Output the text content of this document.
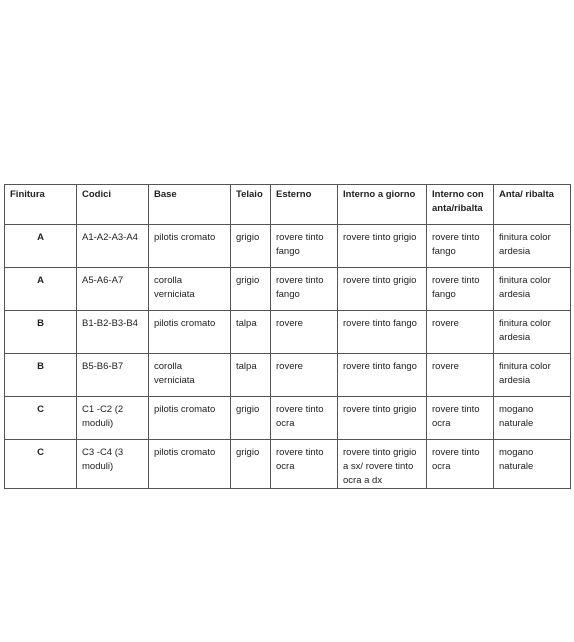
Finitura	Codici	Base	Telaio	Esterno	Interno a giorno	Interno con anta/ribalta	Anta/ ribalta
A	A1-A2-A3-A4	pilotis cromato	grigio	rovere tinto fango	rovere tinto grigio	rovere tinto fango	finitura color ardesia
A	A5-A6-A7	corolla verniciata	grigio	rovere tinto fango	rovere tinto grigio	rovere tinto fango	finitura color ardesia
B	B1-B2-B3-B4	pilotis cromato	talpa	rovere	rovere tinto fango	rovere	finitura color ardesia
B	B5-B6-B7	corolla verniciata	talpa	rovere	rovere tinto fango	rovere	finitura color ardesia
C	C1 -C2 (2 moduli)	pilotis cromato	grigio	rovere tinto ocra	rovere tinto grigio	rovere tinto ocra	mogano naturale
C	C3 -C4 (3 moduli)	pilotis cromato	grigio	rovere tinto ocra	rovere tinto grigio a sx/ rovere tinto ocra a dx	rovere tinto ocra	mogano naturale
